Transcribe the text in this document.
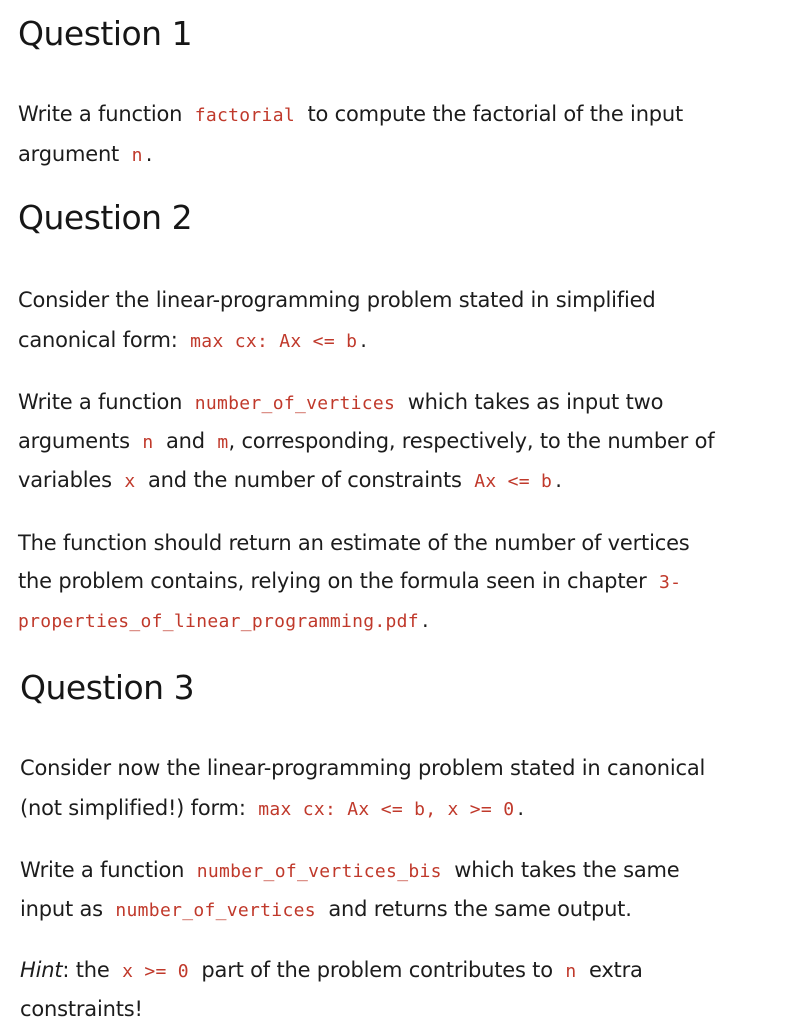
Question 1

Write a function factorial to compute the factorial of the input

argument n .

Question 2

Consider the linear-programming problem stated in simplified

canonical form: max cx: Ax <= b .

Write a function number_of_vertices which takes as input two

arguments n and m, corresponding, respectively, to the number of

variables x and the number of constraints Ax <= b .

The function should return an estimate of the number of vertices

the problem contains, relying on the formula seen in chapter 3-

properties_of_linear_programming.pdf .

Question 3

Consider now the linear-programming problem stated in canonical

(not simplified!) form: max cx: Ax <= b, x >= 0 .

Write a function number_of_vertices_bis which takes the same

input as number_of_vertices and returns the same output.

Hint: the x >= 0 part of the problem contributes to n extra

constraints!
